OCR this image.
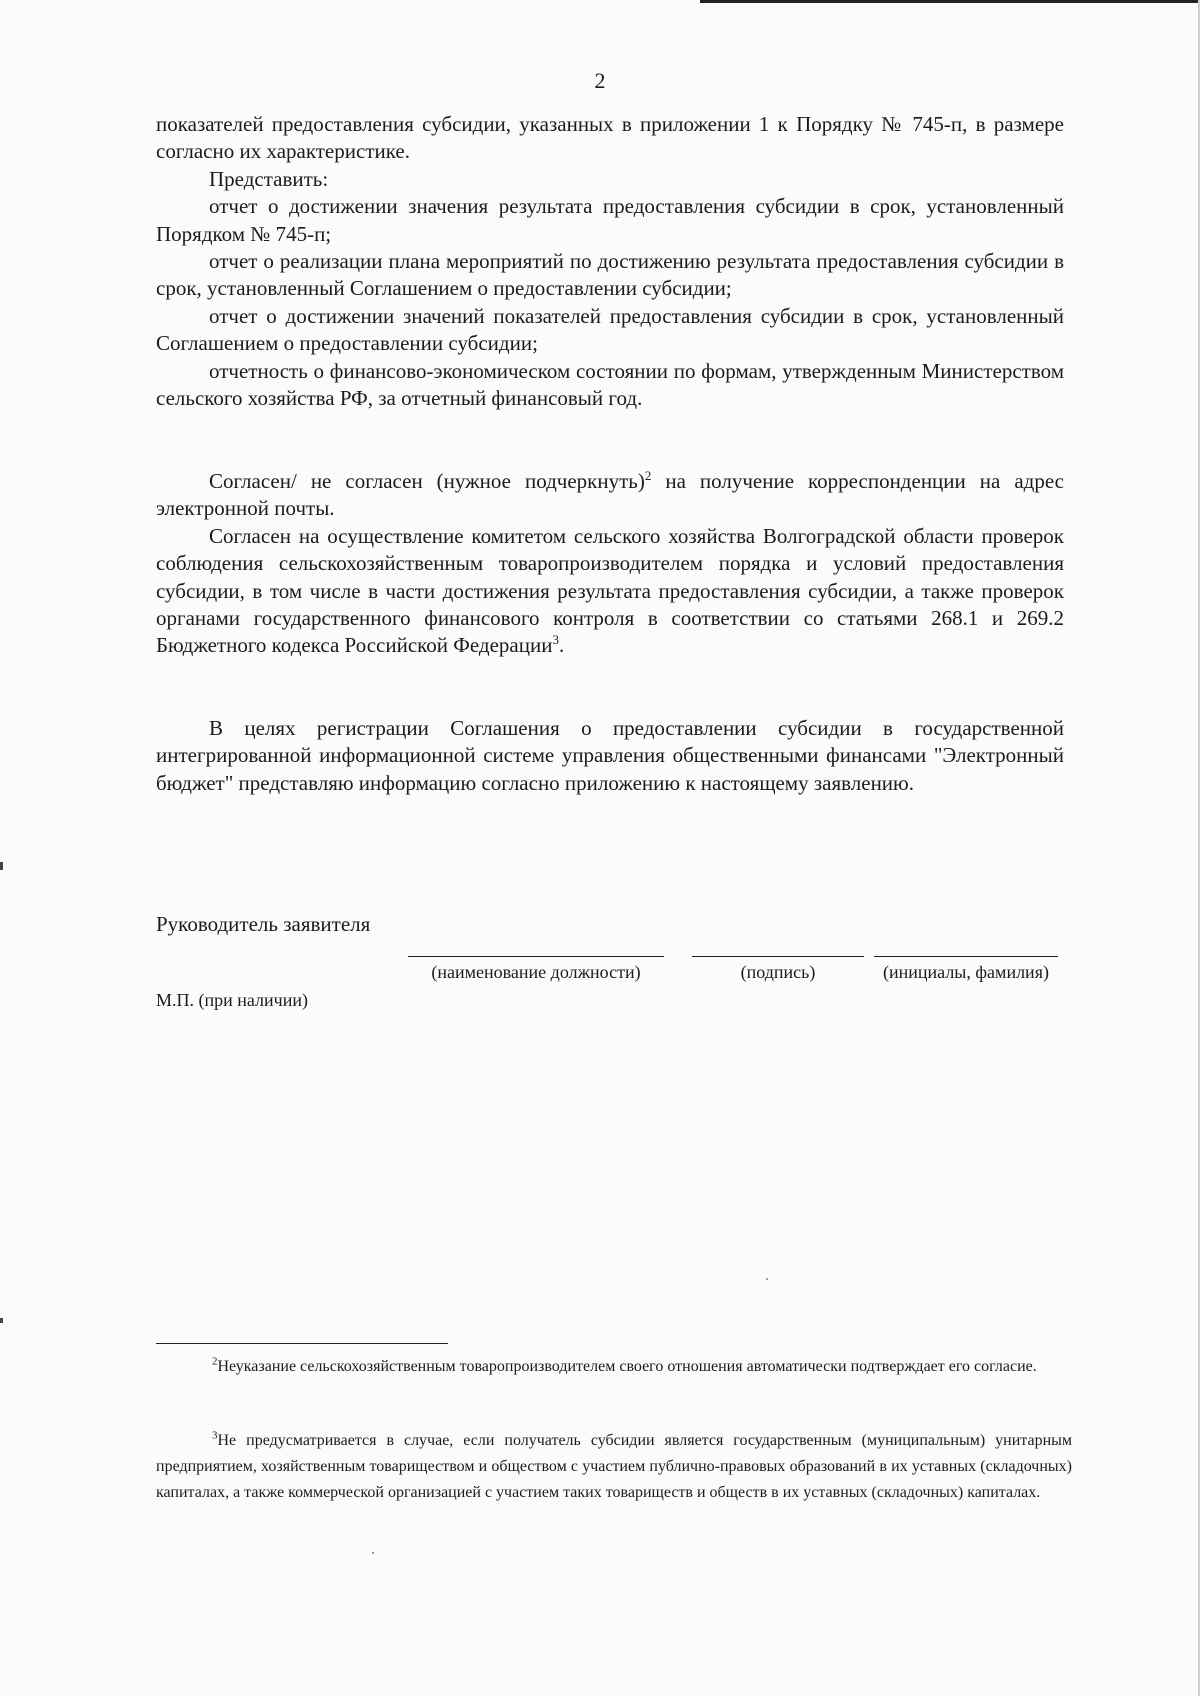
2

показателей предоставления субсидии, указанных в приложении 1 к Порядку № 745-п, в размере согласно их характеристике.

Представить:

отчет о достижении значения результата предоставления субсидии в срок, установленный Порядком № 745-п;

отчет о реализации плана мероприятий по достижению результата предоставления субсидии в срок, установленный Соглашением о предоставлении субсидии;

отчет о достижении значений показателей предоставления субсидии в срок, установленный Соглашением о предоставлении субсидии;

отчетность о финансово-экономическом состоянии по формам, утвержденным Министерством сельского хозяйства РФ, за отчетный финансовый год.

Согласен/ не согласен (нужное подчеркнуть)$^2$ на получение корреспонденции на адрес электронной почты.

Согласен на осуществление комитетом сельского хозяйства Волгоградской области проверок соблюдения сельскохозяйственным товаропроизводителем порядка и условий предоставления субсидии, в том числе в части достижения результата предоставления субсидии, а также проверок органами государственного финансового контроля в соответствии со статьями 268.1 и 269.2 Бюджетного кодекса Российской Федерации$^3$.

В целях регистрации Соглашения о предоставлении субсидии в государственной интегрированной информационной системе управления общественными финансами "Электронный бюджет" представляю информацию согласно приложению к настоящему заявлению.

Руководитель заявителя
(наименование должности)	(подпись)	(инициалы, фамилия)
М.П. (при наличии)

$^2$Неуказание сельскохозяйственным товаропроизводителем своего отношения автоматически подтверждает его согласие.

$^3$Не предусматривается в случае, если получатель субсидии является государственным (муниципальным) унитарным предприятием, хозяйственным товариществом и обществом с участием публично-правовых образований в их уставных (складочных) капиталах, а также коммерческой организацией с участием таких товариществ и обществ в их уставных (складочных) капиталах.
